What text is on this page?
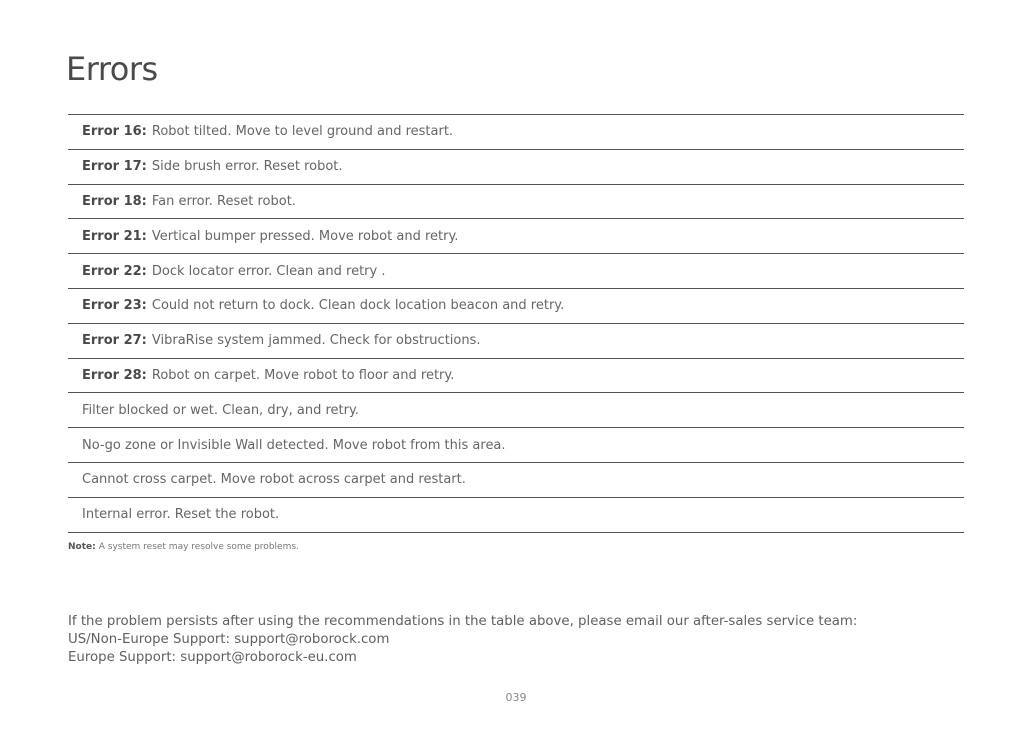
Errors
Error 16: Robot tilted. Move to level ground and restart.
Error 17: Side brush error. Reset robot.
Error 18: Fan error. Reset robot.
Error 21: Vertical bumper pressed. Move robot and retry.
Error 22: Dock locator error. Clean and retry .
Error 23: Could not return to dock. Clean dock location beacon and retry.
Error 27: VibraRise system jammed. Check for obstructions.
Error 28: Robot on carpet. Move robot to floor and retry.
Filter blocked or wet. Clean, dry, and retry.
No-go zone or Invisible Wall detected. Move robot from this area.
Cannot cross carpet. Move robot across carpet and restart.
Internal error. Reset the robot.
Note: A system reset may resolve some problems.
If the problem persists after using the recommendations in the table above, please email our after-sales service team:
US/Non-Europe Support: support@roborock.com
Europe Support: support@roborock-eu.com
039
